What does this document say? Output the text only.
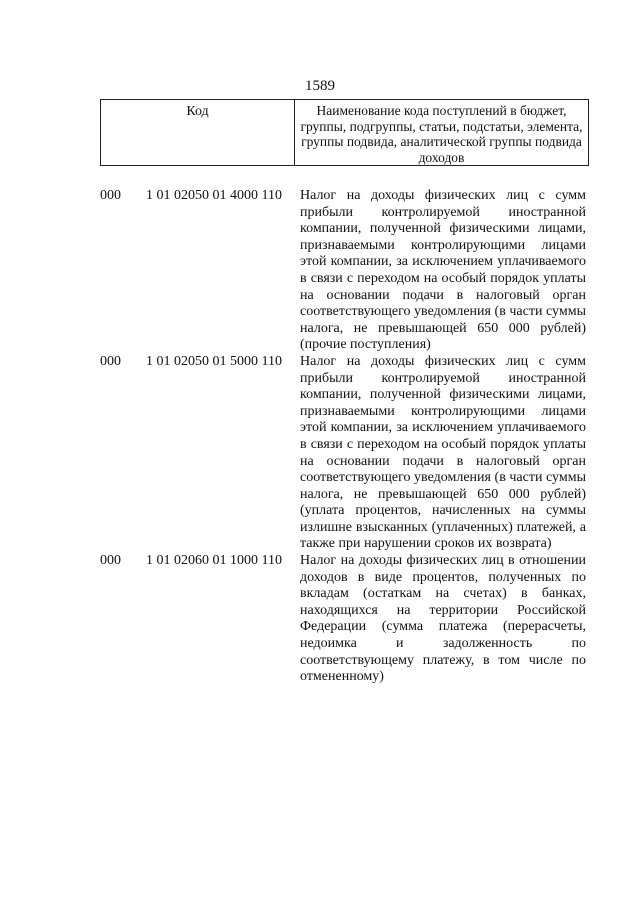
1589
Код	Наименование кода поступлений в бюджет, группы, подгруппы, статьи, подстатьи, элемента, группы подвида, аналитической группы подвида доходов
000	1 01 02050 01 4000 110	Налог на доходы физических лиц с сумм прибыли контролируемой иностранной компании, полученной физическими лицами, признаваемыми контролирующими лицами этой компании, за исключением уплачиваемого в связи с переходом на особый порядок уплаты на основании подачи в налоговый орган соответствующего уведомления (в части суммы налога, не превышающей 650 000 рублей) (прочие поступления)
000	1 01 02050 01 5000 110	Налог на доходы физических лиц с сумм прибыли контролируемой иностранной компании, полученной физическими лицами, признаваемыми контролирующими лицами этой компании, за исключением уплачиваемого в связи с переходом на особый порядок уплаты на основании подачи в налоговый орган соответствующего уведомления (в части суммы налога, не превышающей 650 000 рублей) (уплата процентов, начисленных на суммы излишне взысканных (уплаченных) платежей, а также при нарушении сроков их возврата)
000	1 01 02060 01 1000 110	Налог на доходы физических лиц в отношении доходов в виде процентов, полученных по вкладам (остаткам на счетах) в банках, находящихся на территории Российской Федерации (сумма платежа (перерасчеты, недоимка и задолженность по соответствующему платежу, в том числе по отмененному)
